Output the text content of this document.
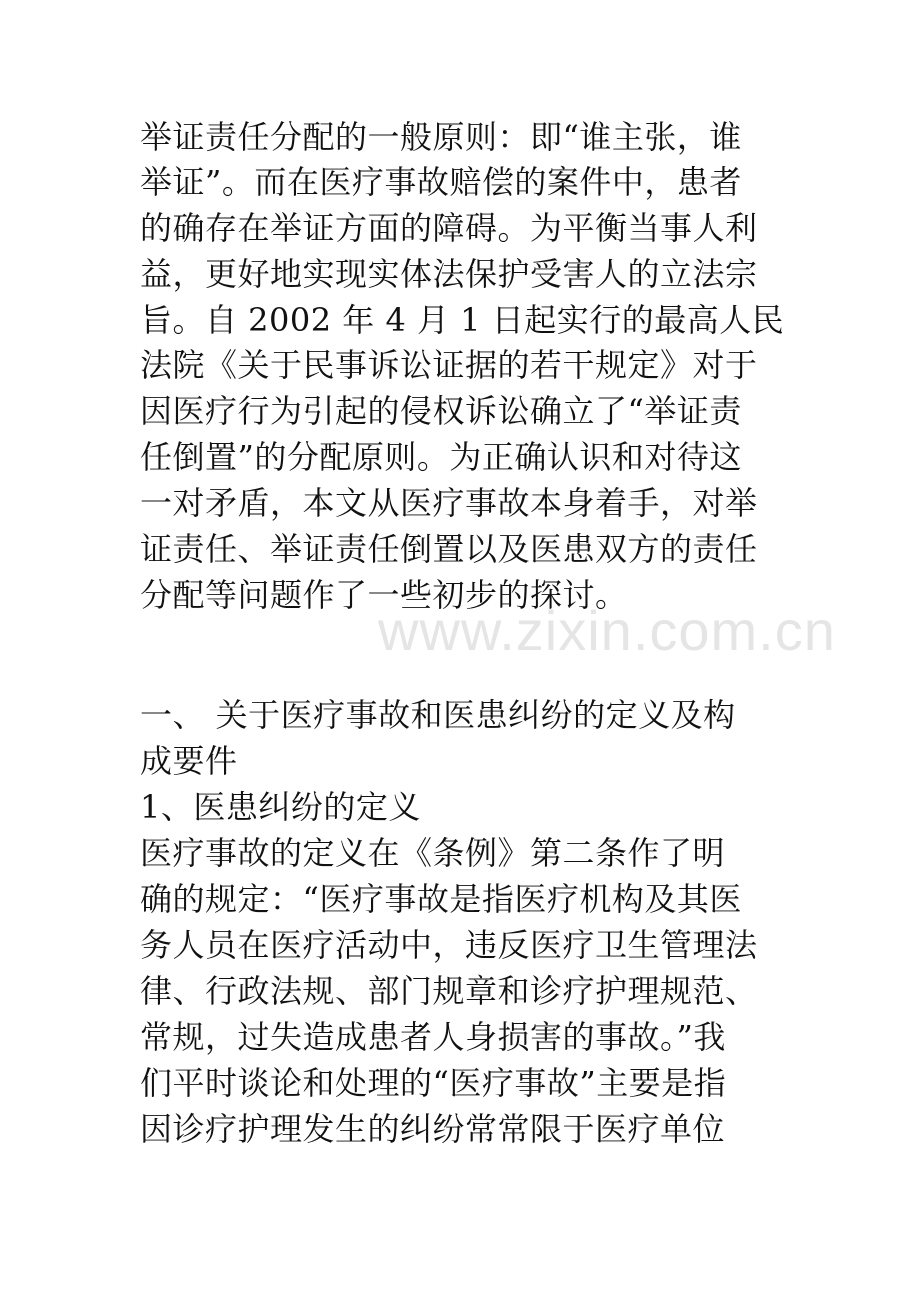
举证责任分配的一般原则：即“谁主张，谁
举证”。而在医疗事故赔偿的案件中，患者
的确存在举证方面的障碍。为平衡当事人利
益，更好地实现实体法保护受害人的立法宗
旨。自 2002 年 4 月 1 日起实行的最高人民
法院《关于民事诉讼证据的若干规定》对于
因医疗行为引起的侵权诉讼确立了“举证责
任倒置”的分配原则。为正确认识和对待这
一对矛盾，本文从医疗事故本身着手，对举
证责任、举证责任倒置以及医患双方的责任
分配等问题作了一些初步的探讨。
www.zixin.com.cn
一、 关于医疗事故和医患纠纷的定义及构
成要件
1、医患纠纷的定义
医疗事故的定义在《条例》第二条作了明
确的规定：“医疗事故是指医疗机构及其医
务人员在医疗活动中，违反医疗卫生管理法
律、行政法规、部门规章和诊疗护理规范、
常规，过失造成患者人身损害的事故。”我
们平时谈论和处理的“医疗事故”主要是指
因诊疗护理发生的纠纷常常限于医疗单位
